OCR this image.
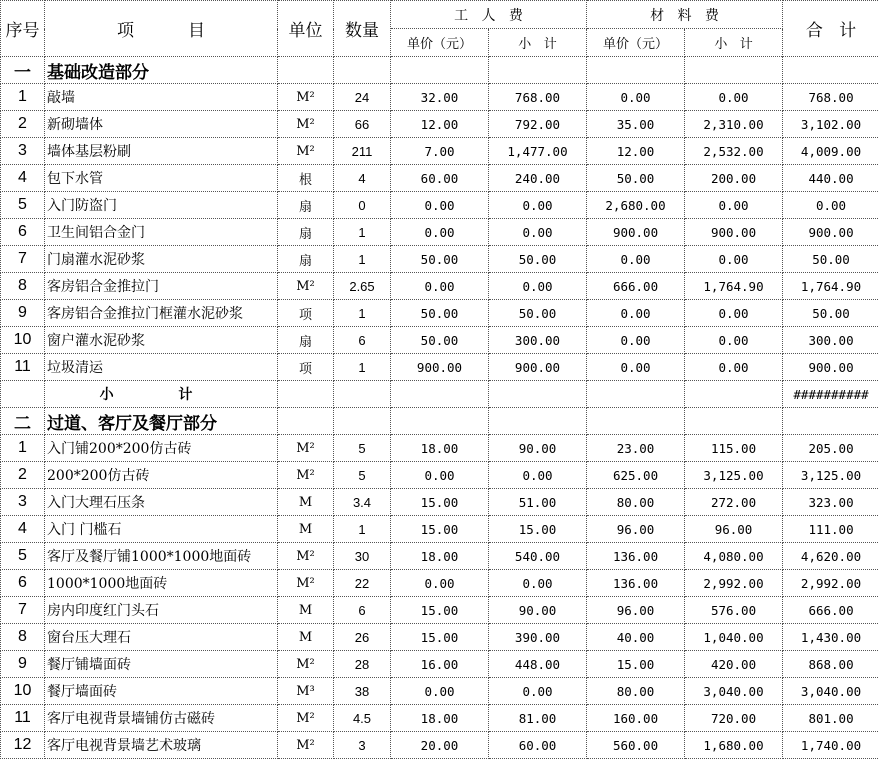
序号	项          目	单位	数量	工   人   费		材   料   费		合   计
				单价（元）	小   计	单价（元）	小   计	
一	基础改造部分							
1	敲墙	M²	24	32.00	768.00	0.00	0.00	768.00
2	新砌墙体	M²	66	12.00	792.00	35.00	2,310.00	3,102.00
3	墙体基层粉刷	M²	211	7.00	1,477.00	12.00	2,532.00	4,009.00
4	包下水管	根	4	60.00	240.00	50.00	200.00	440.00
5	入门防盗门	扇	0	0.00	0.00	2,680.00	0.00	0.00
6	卫生间铝合金门	扇	1	0.00	0.00	900.00	900.00	900.00
7	门扇灌水泥砂浆	扇	1	50.00	50.00	0.00	0.00	50.00
8	客房铝合金推拉门	M²	2.65	0.00	0.00	666.00	1,764.90	1,764.90
9	客房铝合金推拉门框灌水泥砂浆	项	1	50.00	50.00	0.00	0.00	50.00
10	窗户灌水泥砂浆	扇	6	50.00	300.00	0.00	0.00	300.00
11	垃圾清运	项	1	900.00	900.00	0.00	0.00	900.00
	小 计							##########
二	过道、客厅及餐厅部分							
1	入门铺200*200仿古砖	M²	5	18.00	90.00	23.00	115.00	205.00
2	200*200仿古砖	M²	5	0.00	0.00	625.00	3,125.00	3,125.00
3	入门大理石压条	M	3.4	15.00	51.00	80.00	272.00	323.00
4	入门 门槛石	M	1	15.00	15.00	96.00	96.00	111.00
5	客厅及餐厅铺1000*1000地面砖	M²	30	18.00	540.00	136.00	4,080.00	4,620.00
6	1000*1000地面砖	M²	22	0.00	0.00	136.00	2,992.00	2,992.00
7	房内印度红门头石	M	6	15.00	90.00	96.00	576.00	666.00
8	窗台压大理石	M	26	15.00	390.00	40.00	1,040.00	1,430.00
9	餐厅铺墙面砖	M²	28	16.00	448.00	15.00	420.00	868.00
10	餐厅墙面砖	M³	38	0.00	0.00	80.00	3,040.00	3,040.00
11	客厅电视背景墙铺仿古磁砖	M²	4.5	18.00	81.00	160.00	720.00	801.00
12	客厅电视背景墙艺术玻璃	M²	3	20.00	60.00	560.00	1,680.00	1,740.00
